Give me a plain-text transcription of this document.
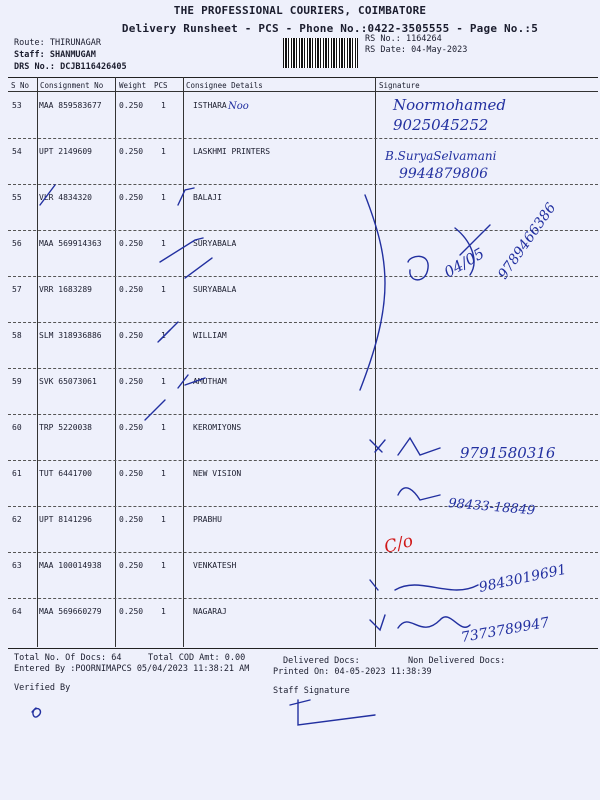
THE PROFESSIONAL COURIERS, COIMBATORE
Delivery Runsheet - PCS - Phone No.:0422-3505555 - Page No.:5
Route: THIRUNAGAR
Staff: SHANMUGAM
DRS No.: DCJB116426405
RS No.: 1164264
RS Date: 04-May-2023
S No Consignment No Weight PCS Consignee Details	Signature
53 MAA 859583677 0.250 1	ISTHARA
54 UPT 2149609	0.250 1	LASKHMI PRINTERS
55 VLR 4834320	0.250 1	BALAJI
56 MAA 569914363 0.250 1	SURYABALA
57 VRR 1683289	0.250 1	SURYABALA
58 SLM 318936886 0.250 1	WILLIAM
59 SVK 65073061	0.250 1	AMUTHAM
60 TRP 5220038	0.250 1	KEROMIYONS
61 TUT 6441700	0.250 1	NEW VISION
62 UPT 8141296	0.250 1	PRABHU
63 MAA 100014938 0.250 1	VENKATESH
64 MAA 569660279 0.250 1	NAGARAJ
Noo	Noormohamed
9025045252
B.SuryaSelvamani
9944879806
04/05 9789466386
9791580316
98433-18849
9843019691
7373789947
C/o
Total No. Of Docs: 64	Total COD Amt: 0.00	Delivered Docs:	Non Delivered Docs:
Entered By :POORNIMAPCS 05/04/2023 11:38:21 AM	Printed On: 04-05-2023 11:38:39
Verified By	Staff Signature
